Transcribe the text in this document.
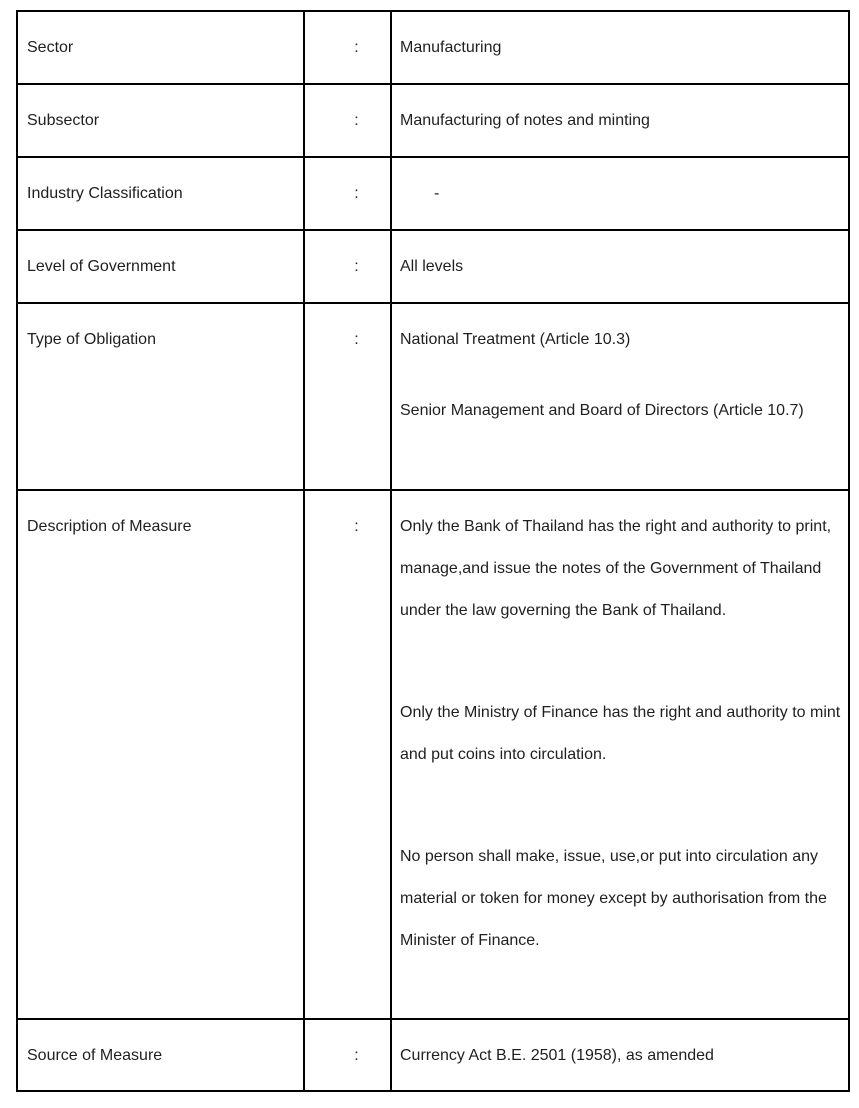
Sector	:	Manufacturing
Subsector	:	Manufacturing of notes and minting
Industry Classification	:	-
Level of Government	:	All levels
Type of Obligation	:	National Treatment (Article 10.3)

Senior Management and Board of Directors (Article 10.7)

Description of Measure	:	Only the Bank of Thailand has the right and authority to print, manage,and issue the notes of the Government of Thailand under the law governing the Bank of Thailand.

Only the Ministry of Finance has the right and authority to mint and put coins into circulation.

No person shall make, issue, use,or put into circulation any material or token for money except by authorisation from the Minister of Finance.

Source of Measure	:	Currency Act B.E. 2501 (1958), as amended
